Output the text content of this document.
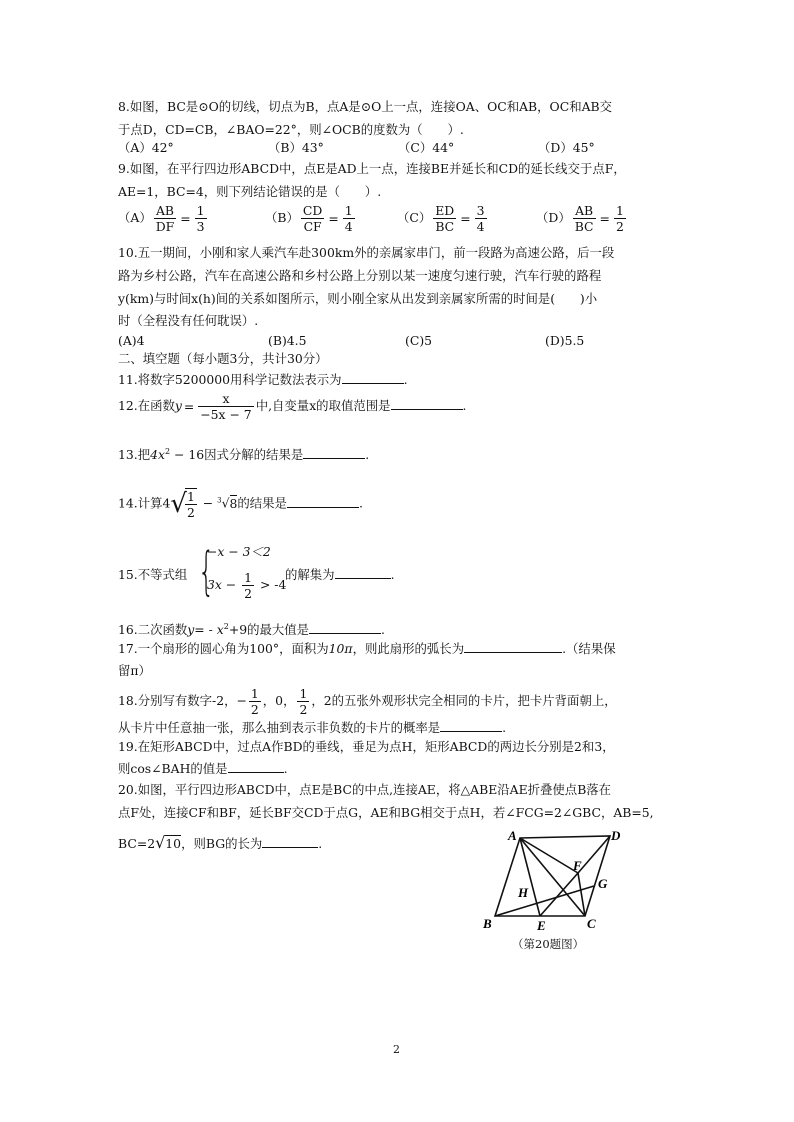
8.如图，BC是⊙O的切线，切点为B，点A是⊙O上一点，连接OA、OC和AB，OC和AB交
于点D，CD=CB，∠BAO=22°，则∠OCB的度数为（　　）.
（A）42°	（B）43°	（C）44°	（D）45°
9.如图，在平行四边形ABCD中，点E是AD上一点，连接BE并延长和CD的延长线交于点F，
AE=1，BC=4，则下列结论错误的是（　　）.
$(A) \frac{AB}{DF} = \frac{1}{3}$	$(B) \frac{CD}{CF} = \frac{1}{4}$	$(C) \frac{ED}{BC} = \frac{3}{4}$	$(D) \frac{AB}{BC} = \frac{1}{2}$
10.五一期间，小刚和家人乘汽车赴300km外的亲属家串门，前一段路为高速公路，后一段
路为乡村公路，汽车在高速公路和乡村公路上分别以某一速度匀速行驶，汽车行驶的路程
y(km)与时间x(h)间的关系如图所示，则小刚全家从出发到亲属家所需的时间是(　　)小
时（全程没有任何耽误）.
(A)4	(B)4.5	(C)5	(D)5.5
二、填空题（每小题3分，共计30分）
11.将数字5200000用科学记数法表示为	.
12.在函数$y = \frac{x}{-5x - 7}$ 中,自变量x的取值范围是	.
13.把$4x^2 - 16$因式分解的结果是	.
14.计算4√
$\frac{1}{2} - ^3√8$的结果是	.
15.不等式组 {
−x − 3＜2
$3x - \frac{1}{2} > -4$
的解集为	.
16.二次函数$y= - x^2+9$的最大值是	.
17.一个扇形的圆心角为100°，面积为10π，则此扇形的弧长为	.（结果保
留π）
18.分别写有数字-2，− $\frac{1}{2}$ ，0， $\frac{1}{2}$ ，2的五张外观形状完全相同的卡片，把卡片背面朝上，
从卡片中任意抽一张，那么抽到表示非负数的卡片的概率是	.
19.在矩形ABCD中，过点A作BD的垂线，垂足为点H，矩形ABCD的两边长分别是2和3，
则cos∠BAH的值是	.
20.如图，平行四边形ABCD中，点E是BC的中点,连接AE，将△ABE沿AE折叠使点B落在
点F处，连接CF和BF，延长BF交CD于点G，AE和BG相交于点H，若∠FCG=2∠GBC，AB=5,
BC=2√10，则BG的长为	.
A	D
B	C
E
F
G
H
（第20题图）
2
